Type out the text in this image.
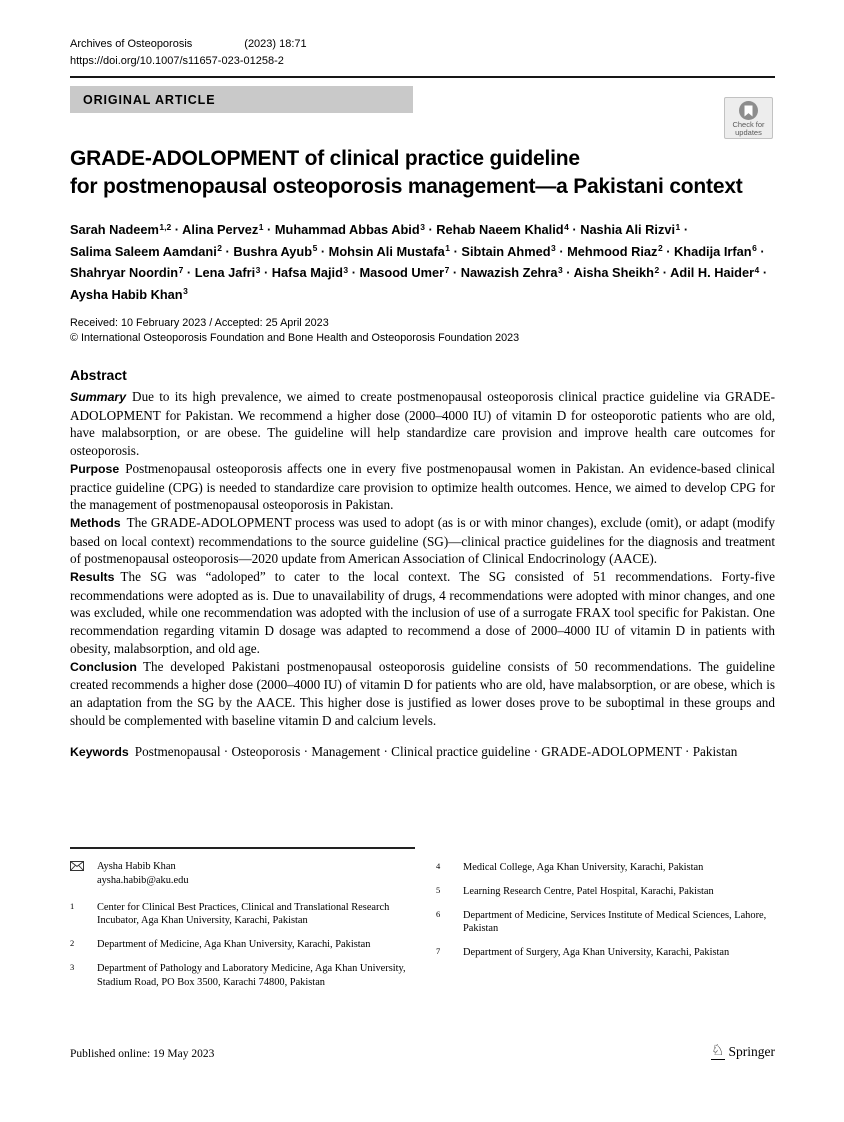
Archives of Osteoporosis	(2023) 18:71
https://doi.org/10.1007/s11657-023-01258-2
ORIGINAL ARTICLE
Check for updates
GRADE-ADOLOPMENT of clinical practice guideline
for postmenopausal osteoporosis management—a Pakistani context
Sarah Nadeem$^{1,2}$ · Alina Pervez$^1$ · Muhammad Abbas Abid$^3$ · Rehab Naeem Khalid$^4$ · Nashia Ali Rizvi$^1$ ·
Salima Saleem Aamdani$^2$ · Bushra Ayub$^5$ · Mohsin Ali Mustafa$^1$ · Sibtain Ahmed$^3$ · Mehmood Riaz$^2$ · Khadija Irfan$^6$ ·
Shahryar Noordin$^7$ · Lena Jafri$^3$ · Hafsa Majid$^3$ · Masood Umer$^7$ · Nawazish Zehra$^3$ · Aisha Sheikh$^2$ · Adil H. Haider$^4$ ·
Aysha Habib Khan$^3$
Received: 10 February 2023 / Accepted: 25 April 2023
© International Osteoporosis Foundation and Bone Health and Osteoporosis Foundation 2023

Abstract

Summary Due to its high prevalence, we aimed to create postmenopausal osteoporosis clinical practice guideline via GRADE-ADOLOPMENT for Pakistan. We recommend a higher dose (2000–4000 IU) of vitamin D for osteoporotic patients who are old, have malabsorption, or are obese. The guideline will help standardize care provision and improve health care outcomes for osteoporosis.

Purpose Postmenopausal osteoporosis affects one in every five postmenopausal women in Pakistan. An evidence-based clinical practice guideline (CPG) is needed to standardize care provision to optimize health outcomes. Hence, we aimed to develop CPG for the management of postmenopausal osteoporosis in Pakistan.

Methods The GRADE-ADOLOPMENT process was used to adopt (as is or with minor changes), exclude (omit), or adapt (modify based on local context) recommendations to the source guideline (SG)—clinical practice guidelines for the diagnosis and treatment of postmenopausal osteoporosis—2020 update from American Association of Clinical Endocrinology (AACE).

Results The SG was “adoloped” to cater to the local context. The SG consisted of 51 recommendations. Forty-five recommendations were adopted as is. Due to unavailability of drugs, 4 recommendations were adopted with minor changes, and one was excluded, while one recommendation was adopted with the inclusion of use of a surrogate FRAX tool specific for Pakistan. One recommendation regarding vitamin D dosage was adapted to recommend a dose of 2000–4000 IU of vitamin D in patients with obesity, malabsorption, and old age.

Conclusion The developed Pakistani postmenopausal osteoporosis guideline consists of 50 recommendations. The guideline created recommends a higher dose (2000–4000 IU) of vitamin D for patients who are old, have malabsorption, or are obese, which is an adaptation from the SG by the AACE. This higher dose is justified as lower doses prove to be suboptimal in these groups and should be complemented with baseline vitamin D and calcium levels.

Keywords Postmenopausal · Osteoporosis · Management · Clinical practice guideline · GRADE-ADOLOPMENT · Pakistan

Aysha Habib Khan
aysha.habib@aku.edu
1	Center for Clinical Best Practices, Clinical and Translational Research Incubator, Aga Khan University, Karachi, Pakistan
2	Department of Medicine, Aga Khan University, Karachi, Pakistan
3	Department of Pathology and Laboratory Medicine, Aga Khan University, Stadium Road, PO Box 3500, Karachi 74800, Pakistan
4	Medical College, Aga Khan University, Karachi, Pakistan
5	Learning Research Centre, Patel Hospital, Karachi, Pakistan
6	Department of Medicine, Services Institute of Medical Sciences, Lahore, Pakistan
7	Department of Surgery, Aga Khan University, Karachi, Pakistan
Published online: 19 May 2023	♘ Springer
